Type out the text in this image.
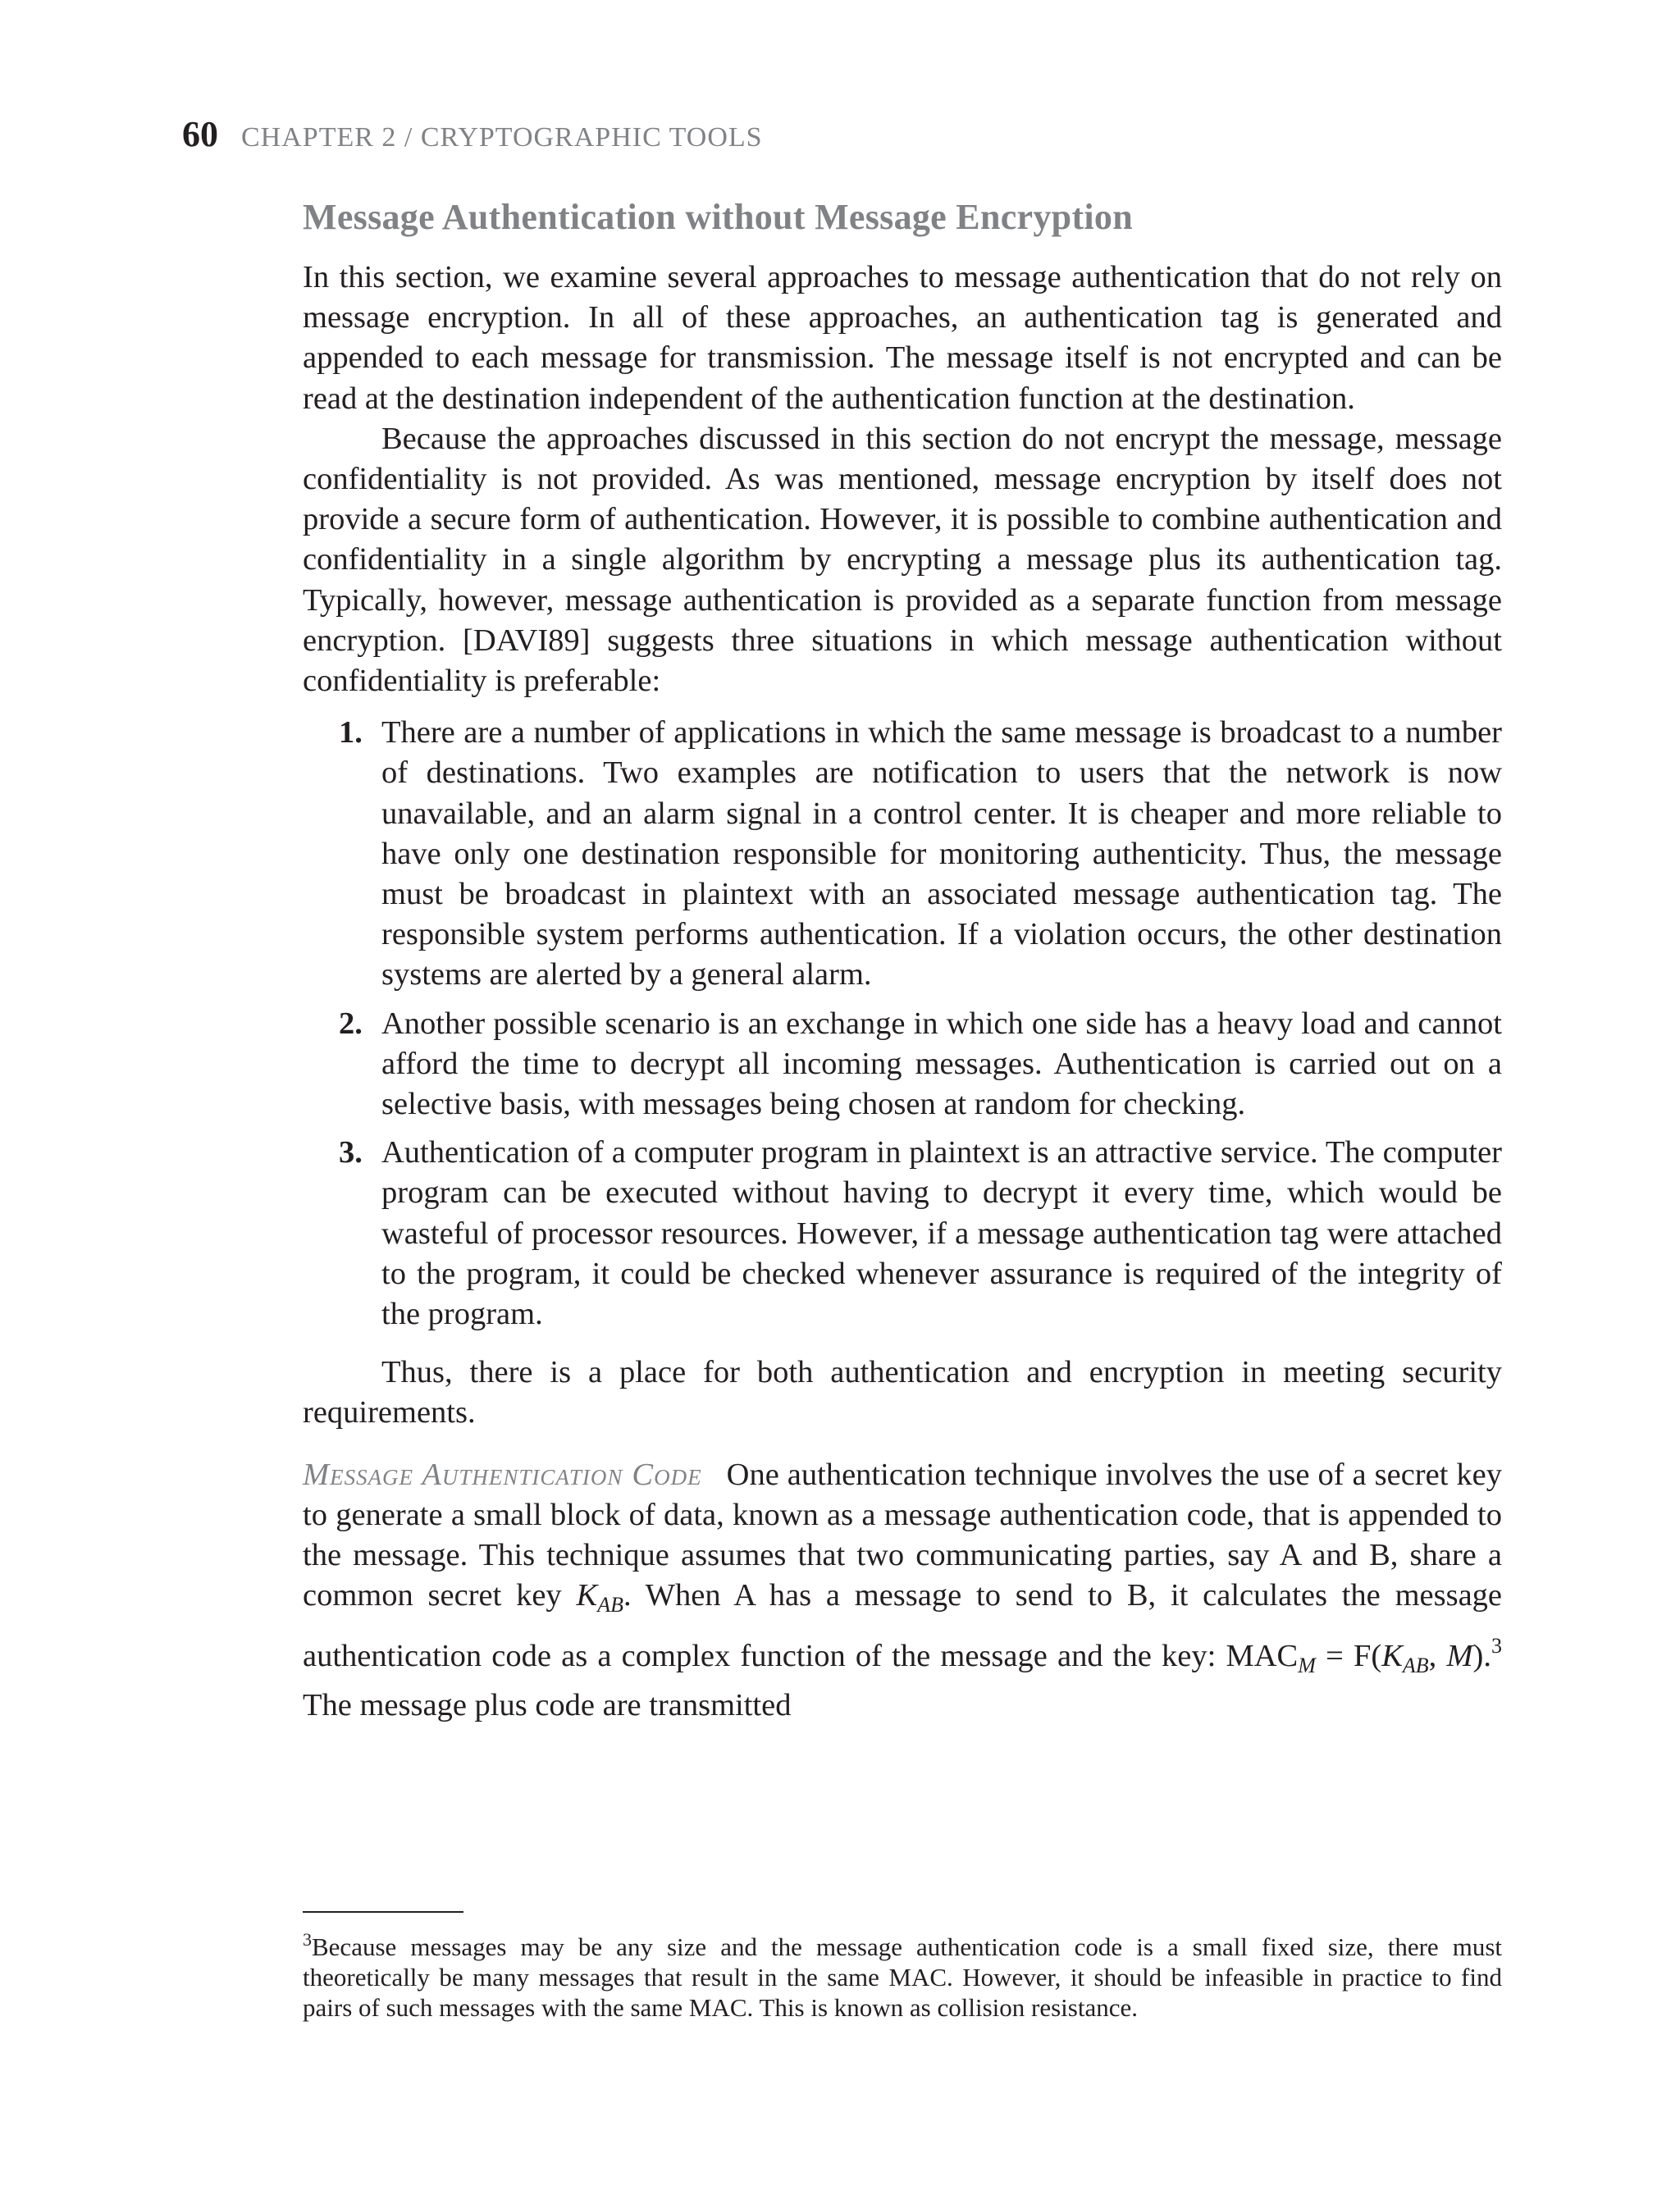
60 CHAPTER 2 / CRYPTOGRAPHIC TOOLS
Message Authentication without Message Encryption

In this section, we examine several approaches to message authentication that do not rely on message encryption. In all of these approaches, an authentication tag is generated and appended to each message for transmission. The message itself is not encrypted and can be read at the destination independent of the authentication function at the destination.

Because the approaches discussed in this section do not encrypt the message, message confidentiality is not provided. As was mentioned, message encryption by itself does not provide a secure form of authentication. However, it is possible to combine authentication and confidentiality in a single algorithm by encrypting a message plus its authentication tag. Typically, however, message authentication is provided as a separate function from message encryption. [DAVI89] suggests three situations in which message authentication without confidentiality is preferable:

1. There are a number of applications in which the same message is broadcast to a number of destinations. Two examples are notification to users that the network is now unavailable, and an alarm signal in a control center. It is cheaper and more reliable to have only one destination responsible for monitoring authenticity. Thus, the message must be broadcast in plaintext with an associated message authentication tag. The responsible system performs authentication. If a violation occurs, the other destination systems are alerted by a general alarm.
2. Another possible scenario is an exchange in which one side has a heavy load and cannot afford the time to decrypt all incoming messages. Authentication is carried out on a selective basis, with messages being chosen at random for checking.
3. Authentication of a computer program in plaintext is an attractive service. The computer program can be executed without having to decrypt it every time, which would be wasteful of processor resources. However, if a message authentication tag were attached to the program, it could be checked whenever assurance is required of the integrity of the program.

Thus, there is a place for both authentication and encryption in meeting security requirements.

Message Authentication Code One authentication technique involves the use of a secret key to generate a small block of data, known as a message authentication code, that is appended to the message. This technique assumes that two communicating parties, say A and B, share a common secret key $K_{AB}$. When A has a message to send to B, it calculates the message authentication code as a complex function of the message and the key: $MAC_M = F(K_{AB}$, M).$^3$ The message plus code are transmitted

$^3$Because messages may be any size and the message authentication code is a small fixed size, there must theoretically be many messages that result in the same MAC. However, it should be infeasible in practice to find pairs of such messages with the same MAC. This is known as collision resistance.
